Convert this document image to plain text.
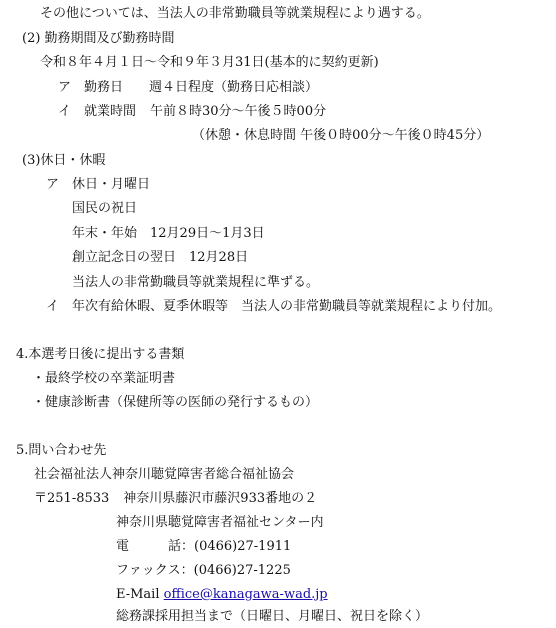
その他については、当法人の非常勤職員等就業規程により遇する。
(2) 勤務期間及び勤務時間
令和８年４月１日～令和９年３月31日(基本的に契約更新)
ア　勤務日 週４日程度（勤務日応相談）
イ　就業時間 午前８時30分～午後５時00分
（休憩・休息時間 午後０時00分～午後０時45分）
(3)休日・休暇
ア 休日・月曜日
国民の祝日
年末・年始　12月29日～1月3日
創立記念日の翌日　12月28日
当法人の非常勤職員等就業規程に準ずる。
イ 年次有給休暇、夏季休暇等　当法人の非常勤職員等就業規程により付加。
4.本選考日後に提出する書類
・最終学校の卒業証明書
・健康診断書（保健所等の医師の発行するもの）
5.問い合わせ先
社会福祉法人神奈川聴覚障害者総合福祉協会
〒251-8533 神奈川県藤沢市藤沢933番地の２
神奈川県聴覚障害者福祉センター内
電　　　話：(0466)27-1911
ファックス：(0466)27-1225
E-Mail office@kanagawa-wad.jp
総務課採用担当まで（日曜日、月曜日、祝日を除く）
